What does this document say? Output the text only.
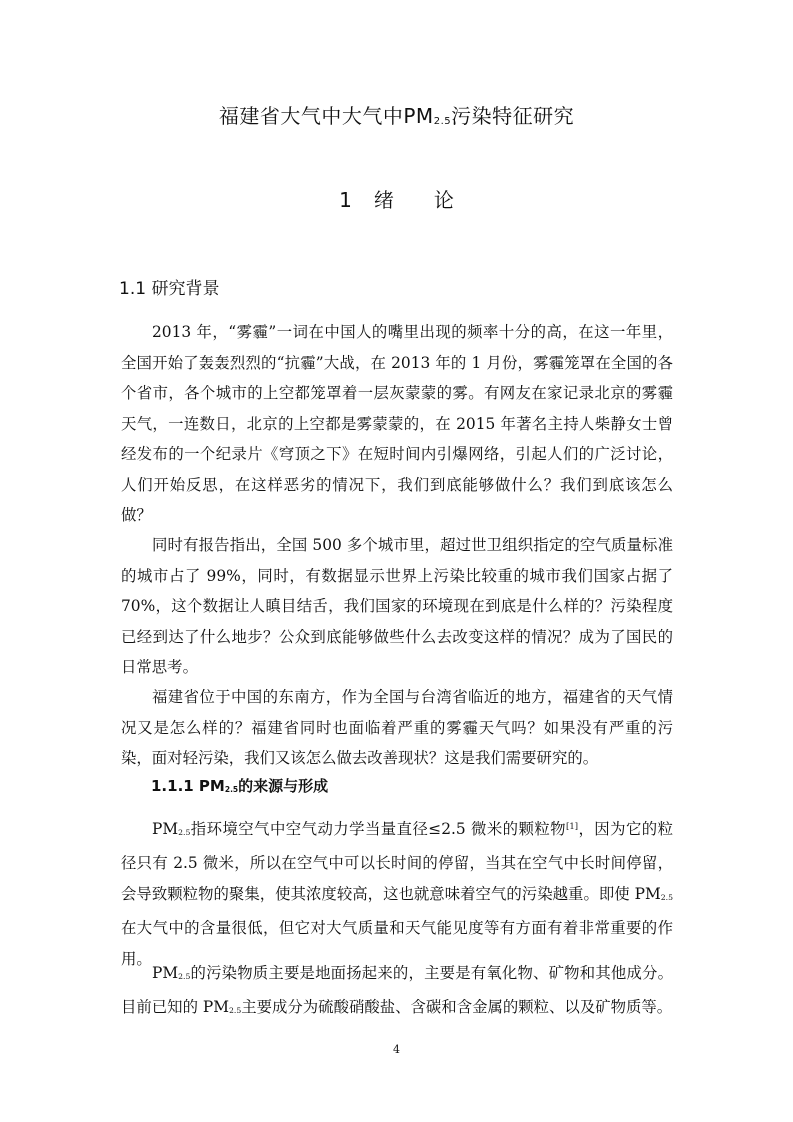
福建省大气中大气中$PM_{2.5}$污染特征研究
1 绪 论
1.1 研究背景

2013 年，“雾霾”一词在中国人的嘴里出现的频率十分的高，在这一年里，全国开始了轰轰烈烈的“抗霾”大战，在 2013 年的 1 月份，雾霾笼罩在全国的各个省市，各个城市的上空都笼罩着一层灰蒙蒙的雾。有网友在家记录北京的雾霾天气，一连数日，北京的上空都是雾蒙蒙的，在 2015 年著名主持人柴静女士曾经发布的一个纪录片《穹顶之下》在短时间内引爆网络，引起人们的广泛讨论，人们开始反思，在这样恶劣的情况下，我们到底能够做什么？我们到底该怎么做？

同时有报告指出，全国 500 多个城市里，超过世卫组织指定的空气质量标准的城市占了 99%，同时，有数据显示世界上污染比较重的城市我们国家占据了 70%，这个数据让人瞋目结舌，我们国家的环境现在到底是什么样的？污染程度已经到达了什么地步？公众到底能够做些什么去改变这样的情况？成为了国民的日常思考。

福建省位于中国的东南方，作为全国与台湾省临近的地方，福建省的天气情况又是怎么样的？福建省同时也面临着严重的雾霾天气吗？如果没有严重的污染，面对轻污染，我们又该怎么做去改善现状？这是我们需要研究的。

1.1.1 $PM_{2.5}$的来源与形成

$PM_{2.5}$指环境空气中空气动力学当量直径≤2.5 微米的颗粒物[1]，因为它的粒径只有 2.5 微米，所以在空气中可以长时间的停留，当其在空气中长时间停留，会导致颗粒物的聚集，使其浓度较高，这也就意味着空气的污染越重。即使 $PM_{2.5}$在大气中的含量很低，但它对大气质量和天气能见度等有方面有着非常重要的作用。

$PM_{2.5}$的污染物质主要是地面扬起来的，主要是有氧化物、矿物和其他成分。目前已知的 $PM_{2.5}$主要成分为硫酸硝酸盐、含碳和含金属的颗粒、以及矿物质等。

4
